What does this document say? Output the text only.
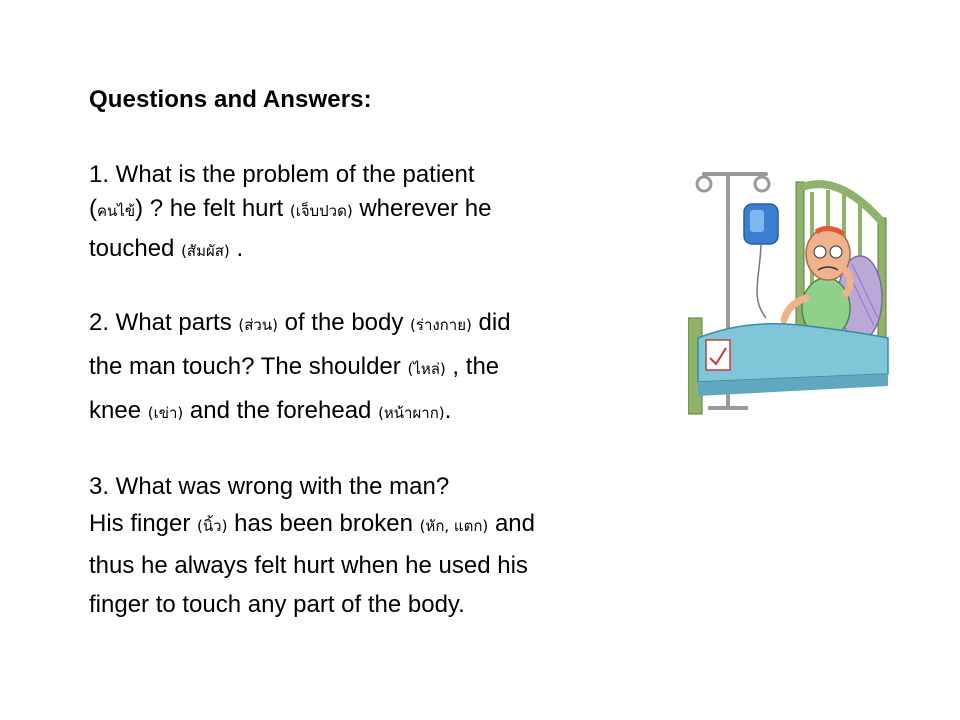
Questions and Answers:
1. What is the problem of the patient
(คนไข้) ? he felt hurt (เจ็บปวด) wherever he
touched (สัมผัส) .
2. What parts (ส่วน) of the body (ร่างกาย) did
the man touch? The shoulder (ไหล่) , the
knee (เข่า) and the forehead (หน้าผาก).
3. What was wrong with the man?
His finger (นิ้ว) has been broken (หัก, แตก) and
thus he always felt hurt when he used his
finger to touch any part of the body.
